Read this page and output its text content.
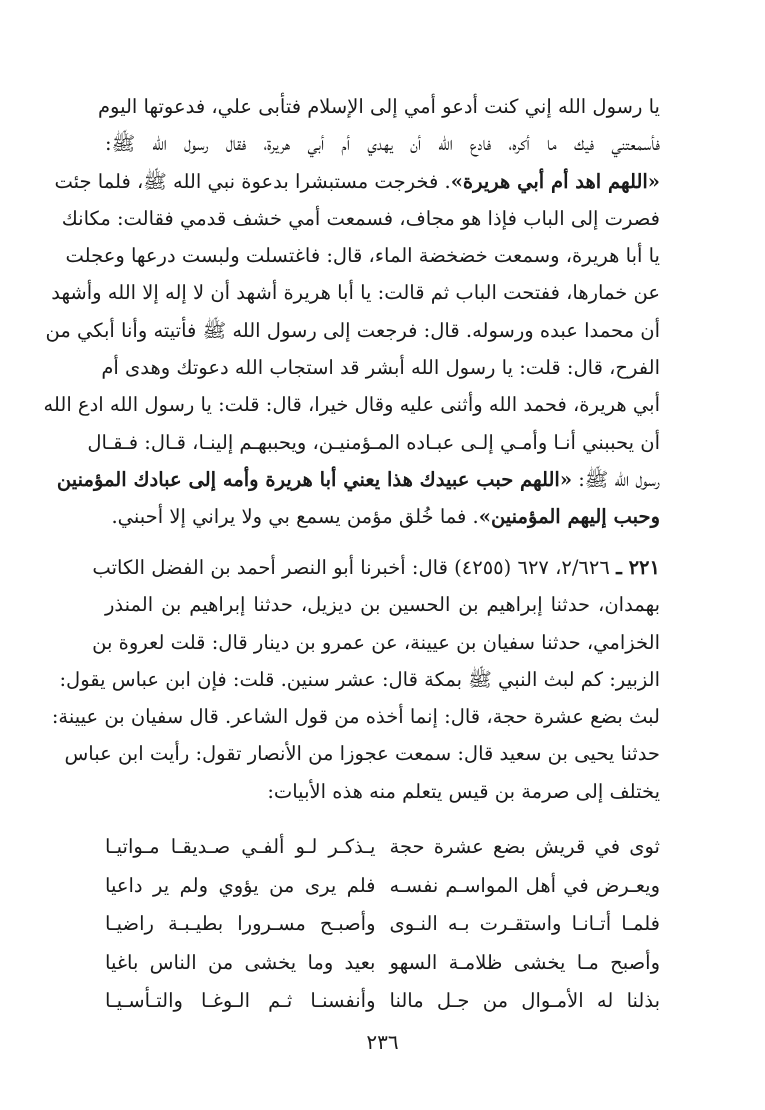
يا رسول الله إني كنت أدعو أمي إلى الإسلام فتأبى علي، فدعوتها اليوم
فأسمعتني فيك ما أكره، فادع الله أن يهدي أم أبي هريرة، فقال رسول الله ﷺ:
«اللهم اهد أم أبي هريرة». فخرجت مستبشرا بدعوة نبي الله ﷺ، فلما جئت
فصرت إلى الباب فإذا هو مجاف، فسمعت أمي خشف قدمي فقالت: مكانك
يا أبا هريرة، وسمعت خضخضة الماء، قال: فاغتسلت ولبست درعها وعجلت
عن خمارها، ففتحت الباب ثم قالت: يا أبا هريرة أشهد أن لا إله إلا الله وأشهد
أن محمدا عبده ورسوله. قال: فرجعت إلى رسول الله ﷺ فأتيته وأنا أبكي من
الفرح، قال: قلت: يا رسول الله أبشر قد استجاب الله دعوتك وهدى أم
أبي هريرة، فحمد الله وأثنى عليه وقال خيرا، قال: قلت: يا رسول الله ادع الله
أن يحببني أنـا وأمـي إلـى عبـاده المـؤمنيـن، ويحببهـم إلينـا، قـال: فـقـال
رسول الله ﷺ: «اللهم حبب عبيدك هذا يعني أبا هريرة وأمه إلى عبادك المؤمنين
وحبب إليهم المؤمنين». فما خُلق مؤمن يسمع بي ولا يراني إلا أحبني.
٢٢١ ـ ٢/٦٢٦، ٦٢٧ (٤٢٥٥) قال: أخبرنا أبو النصر أحمد بن الفضل الكاتب
بهمدان، حدثنا إبراهيم بن الحسين بن ديزيل، حدثنا إبراهيم بن المنذر
الخزامي، حدثنا سفيان بن عيينة، عن عمرو بن دينار قال: قلت لعروة بن
الزبير: كم لبث النبي ﷺ بمكة قال: عشر سنين. قلت: فإن ابن عباس يقول:
لبث بضع عشرة حجة، قال: إنما أخذه من قول الشاعر. قال سفيان بن عيينة:
حدثنا يحيى بن سعيد قال: سمعت عجوزا من الأنصار تقول: رأيت ابن عباس
يختلف إلى صرمة بن قيس يتعلم منه هذه الأبيات:
ثوى في قريش بضع عشرة حجة
يـذكـر لـو ألفـي صـديقـا مـواتيـا
ويعـرض في أهل المواسـم نفسـه
فلم يرى من يؤوي ولم ير داعيا
فلمـا أتـانـا واستقـرت بـه النـوى
وأصبـح مسـرورا بطيـبـة راضيـا
وأصبح مـا يخشى ظلامـة السهو
بعيد وما يخشى من الناس باغيا
بذلنا له الأمـوال من جـل مالنا
وأنفسنـا ثـم الـوغـا والتـأسـيـا
٢٣٦
